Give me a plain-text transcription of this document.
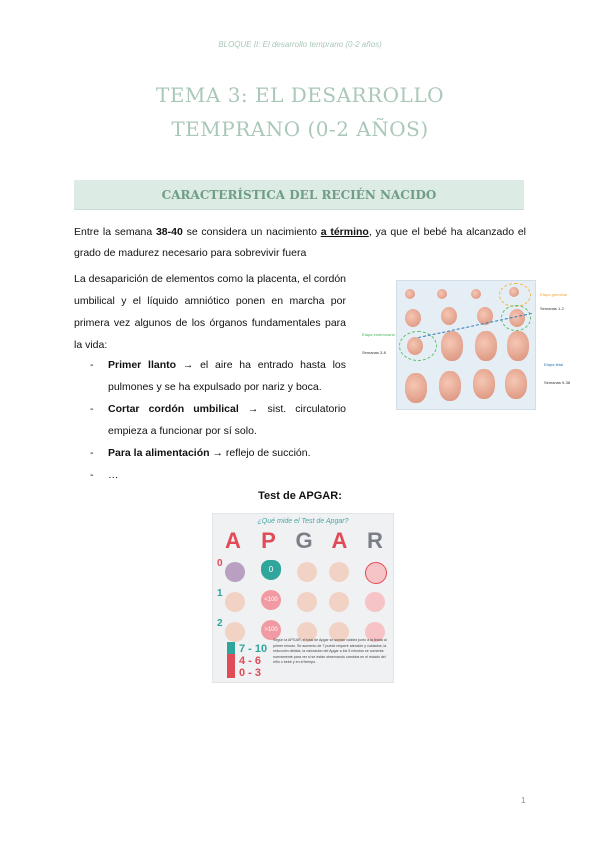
BLOQUE II: El desarrollo temprano (0-2 años)
TEMA 3: EL DESARROLLO
TEMPRANO (0-2 AÑOS)
CARACTERÍSTICA DEL RECIÉN NACIDO
Entre la semana 38-40 se considera un nacimiento a término, ya que el bebé ha alcanzado el grado de madurez necesario para sobrevivir fuera
La desaparición de elementos como la placenta, el cordón umbilical y el líquido amniótico ponen en marcha por primera vez algunos de los órganos fundamentales para la vida:
- Primer llanto → el aire ha entrado hasta los pulmones y se ha expulsado por nariz y boca.
- Cortar cordón umbilical → sist. circulatorio empieza a funcionar por sí solo.
- Para la alimentación → reflejo de succión.
- …
Etapa germinal
Semanas 1-2
Etapa embrionaria
Semanas 3-8
Etapa fetal
Semanas 9-38
Test de APGAR:
¿Qué mide el Test de Apgar?
A P G A R
0
0
1
<100
2
>100
7 - 10
4 - 6
0 - 3
Según la APGAR, el total de Apgar se suman validez junto a la tirada al primer minuto. Se aumento de 7 puede requerir atención y cuidados; la reducción debida, la valoración del Apgar a los 5 minutos se comenta nuevamente para ver si se están observando cambios en el estado del niño o bebé y en el tiempo.
1
